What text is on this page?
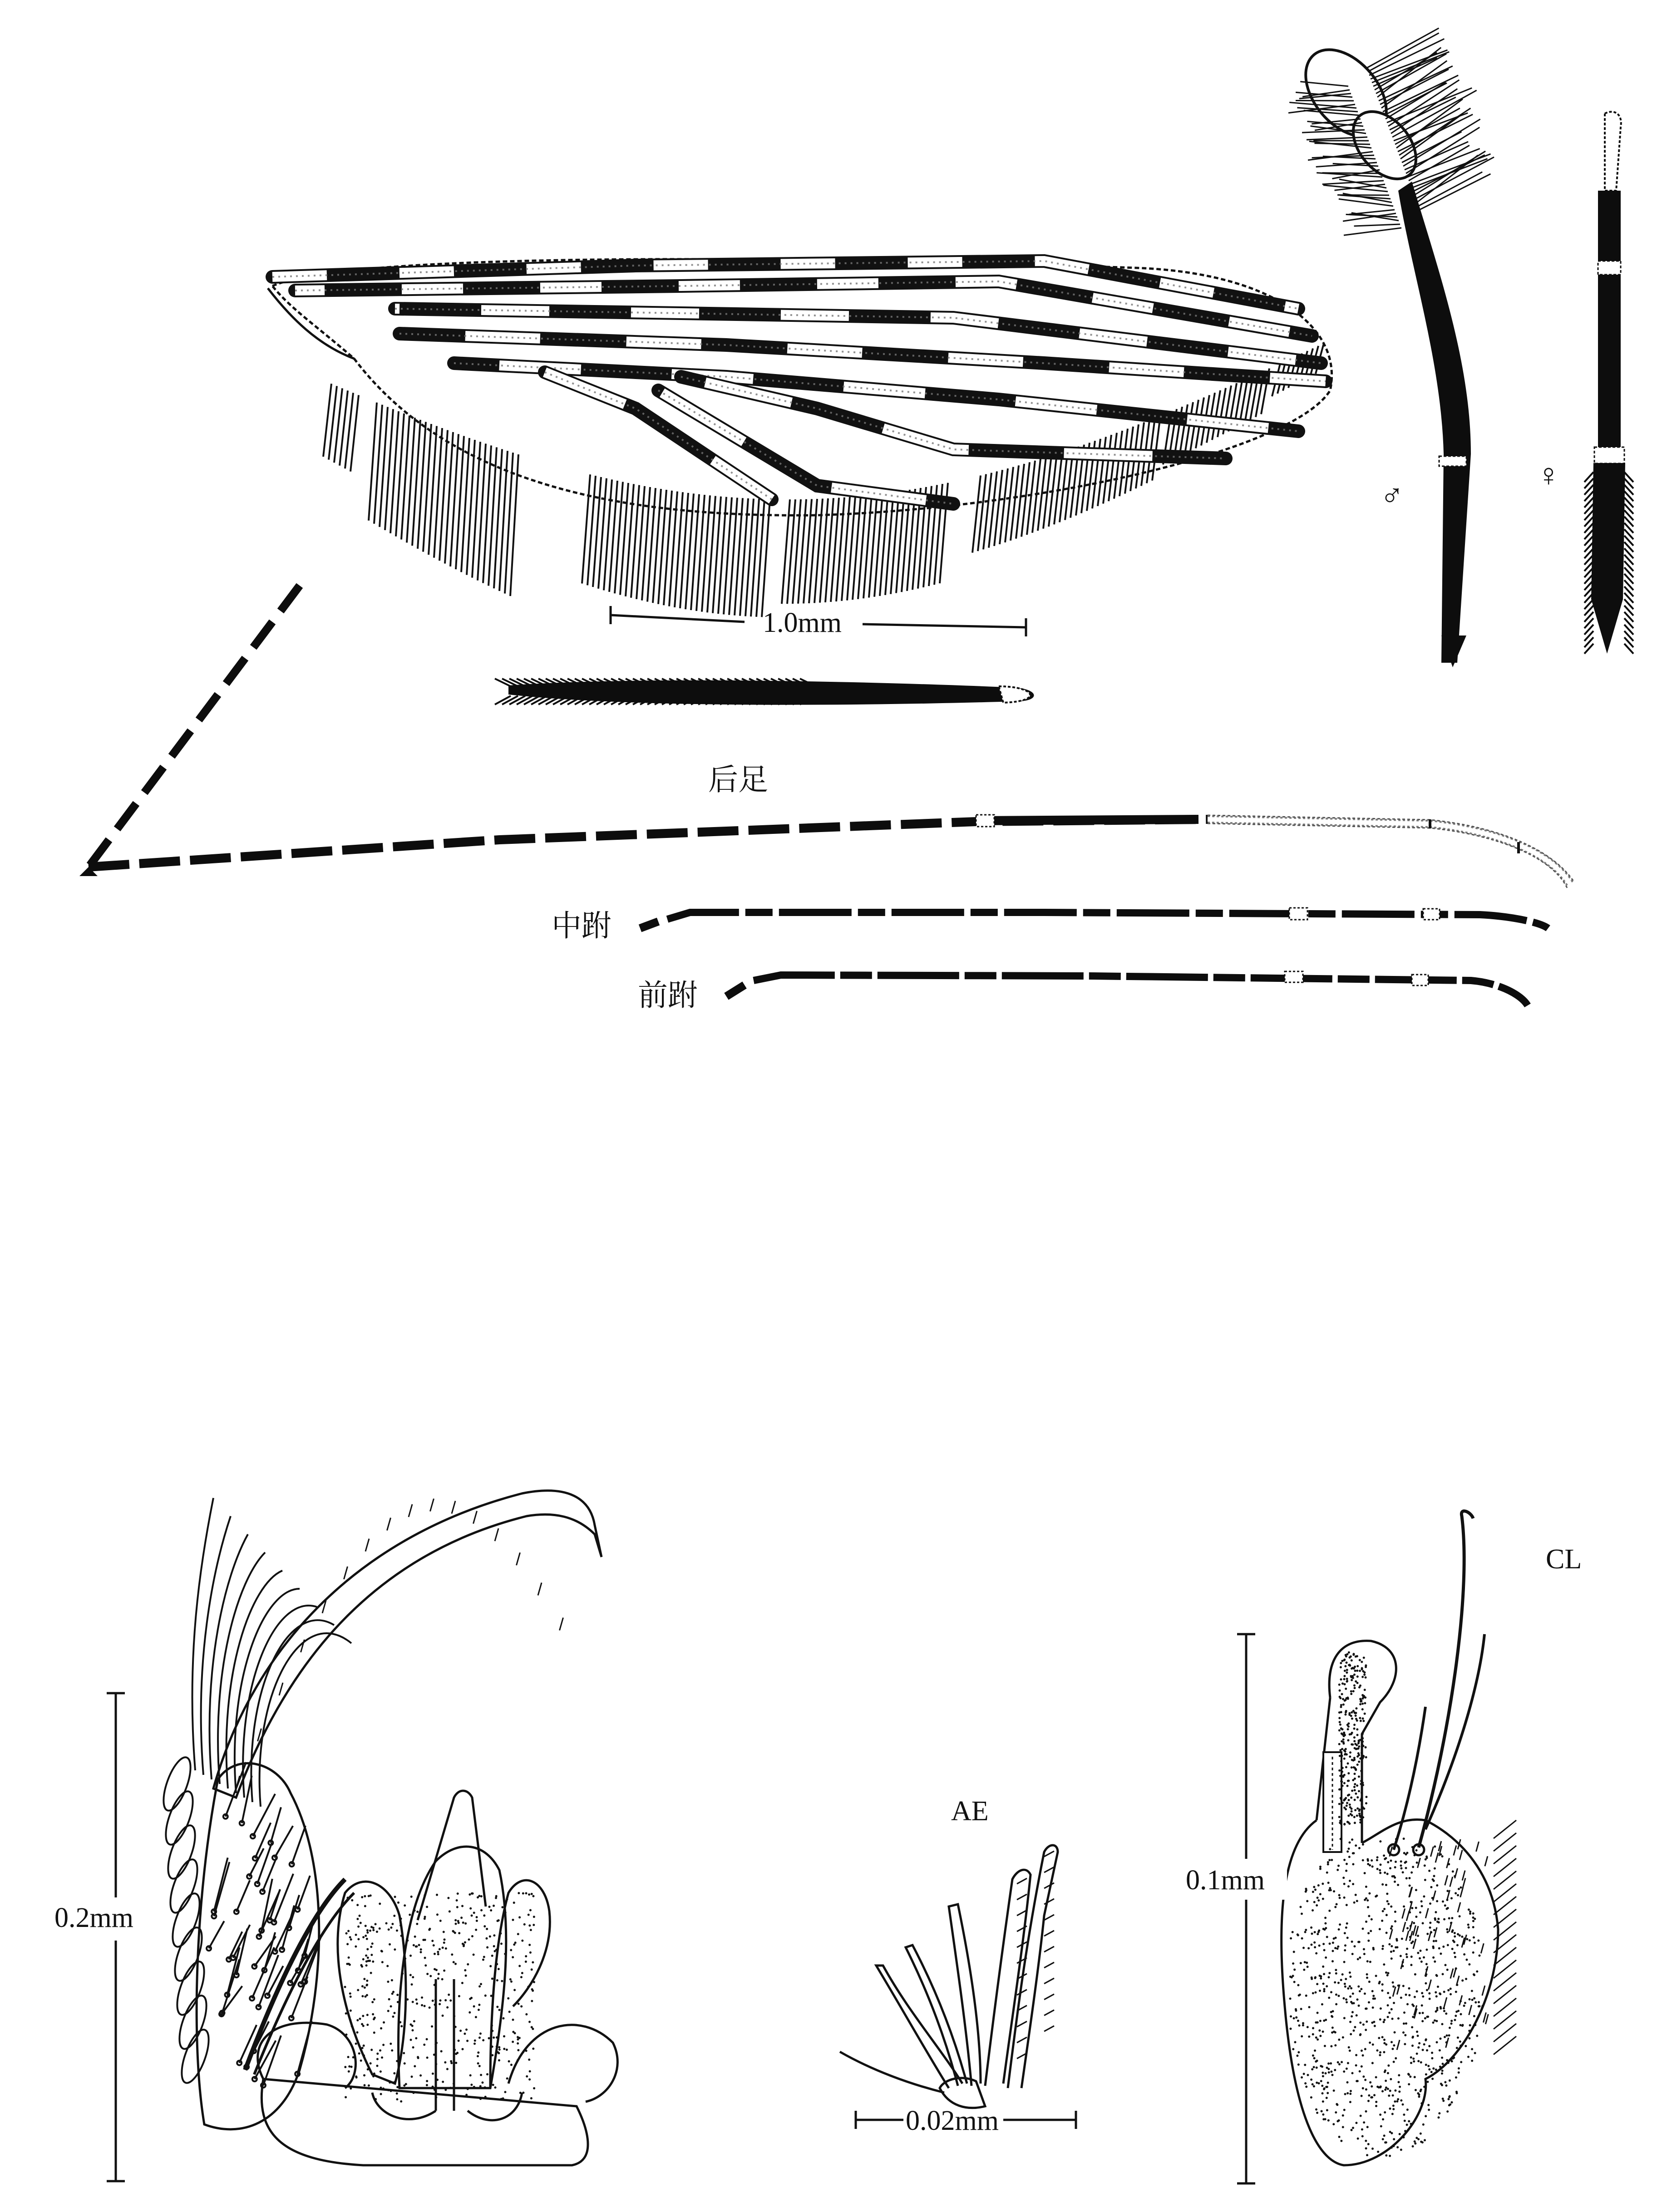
1.0mm
♂
♀
后足
中跗
前跗
0.2mm
AE
0.02mm
CL
0.1mm
